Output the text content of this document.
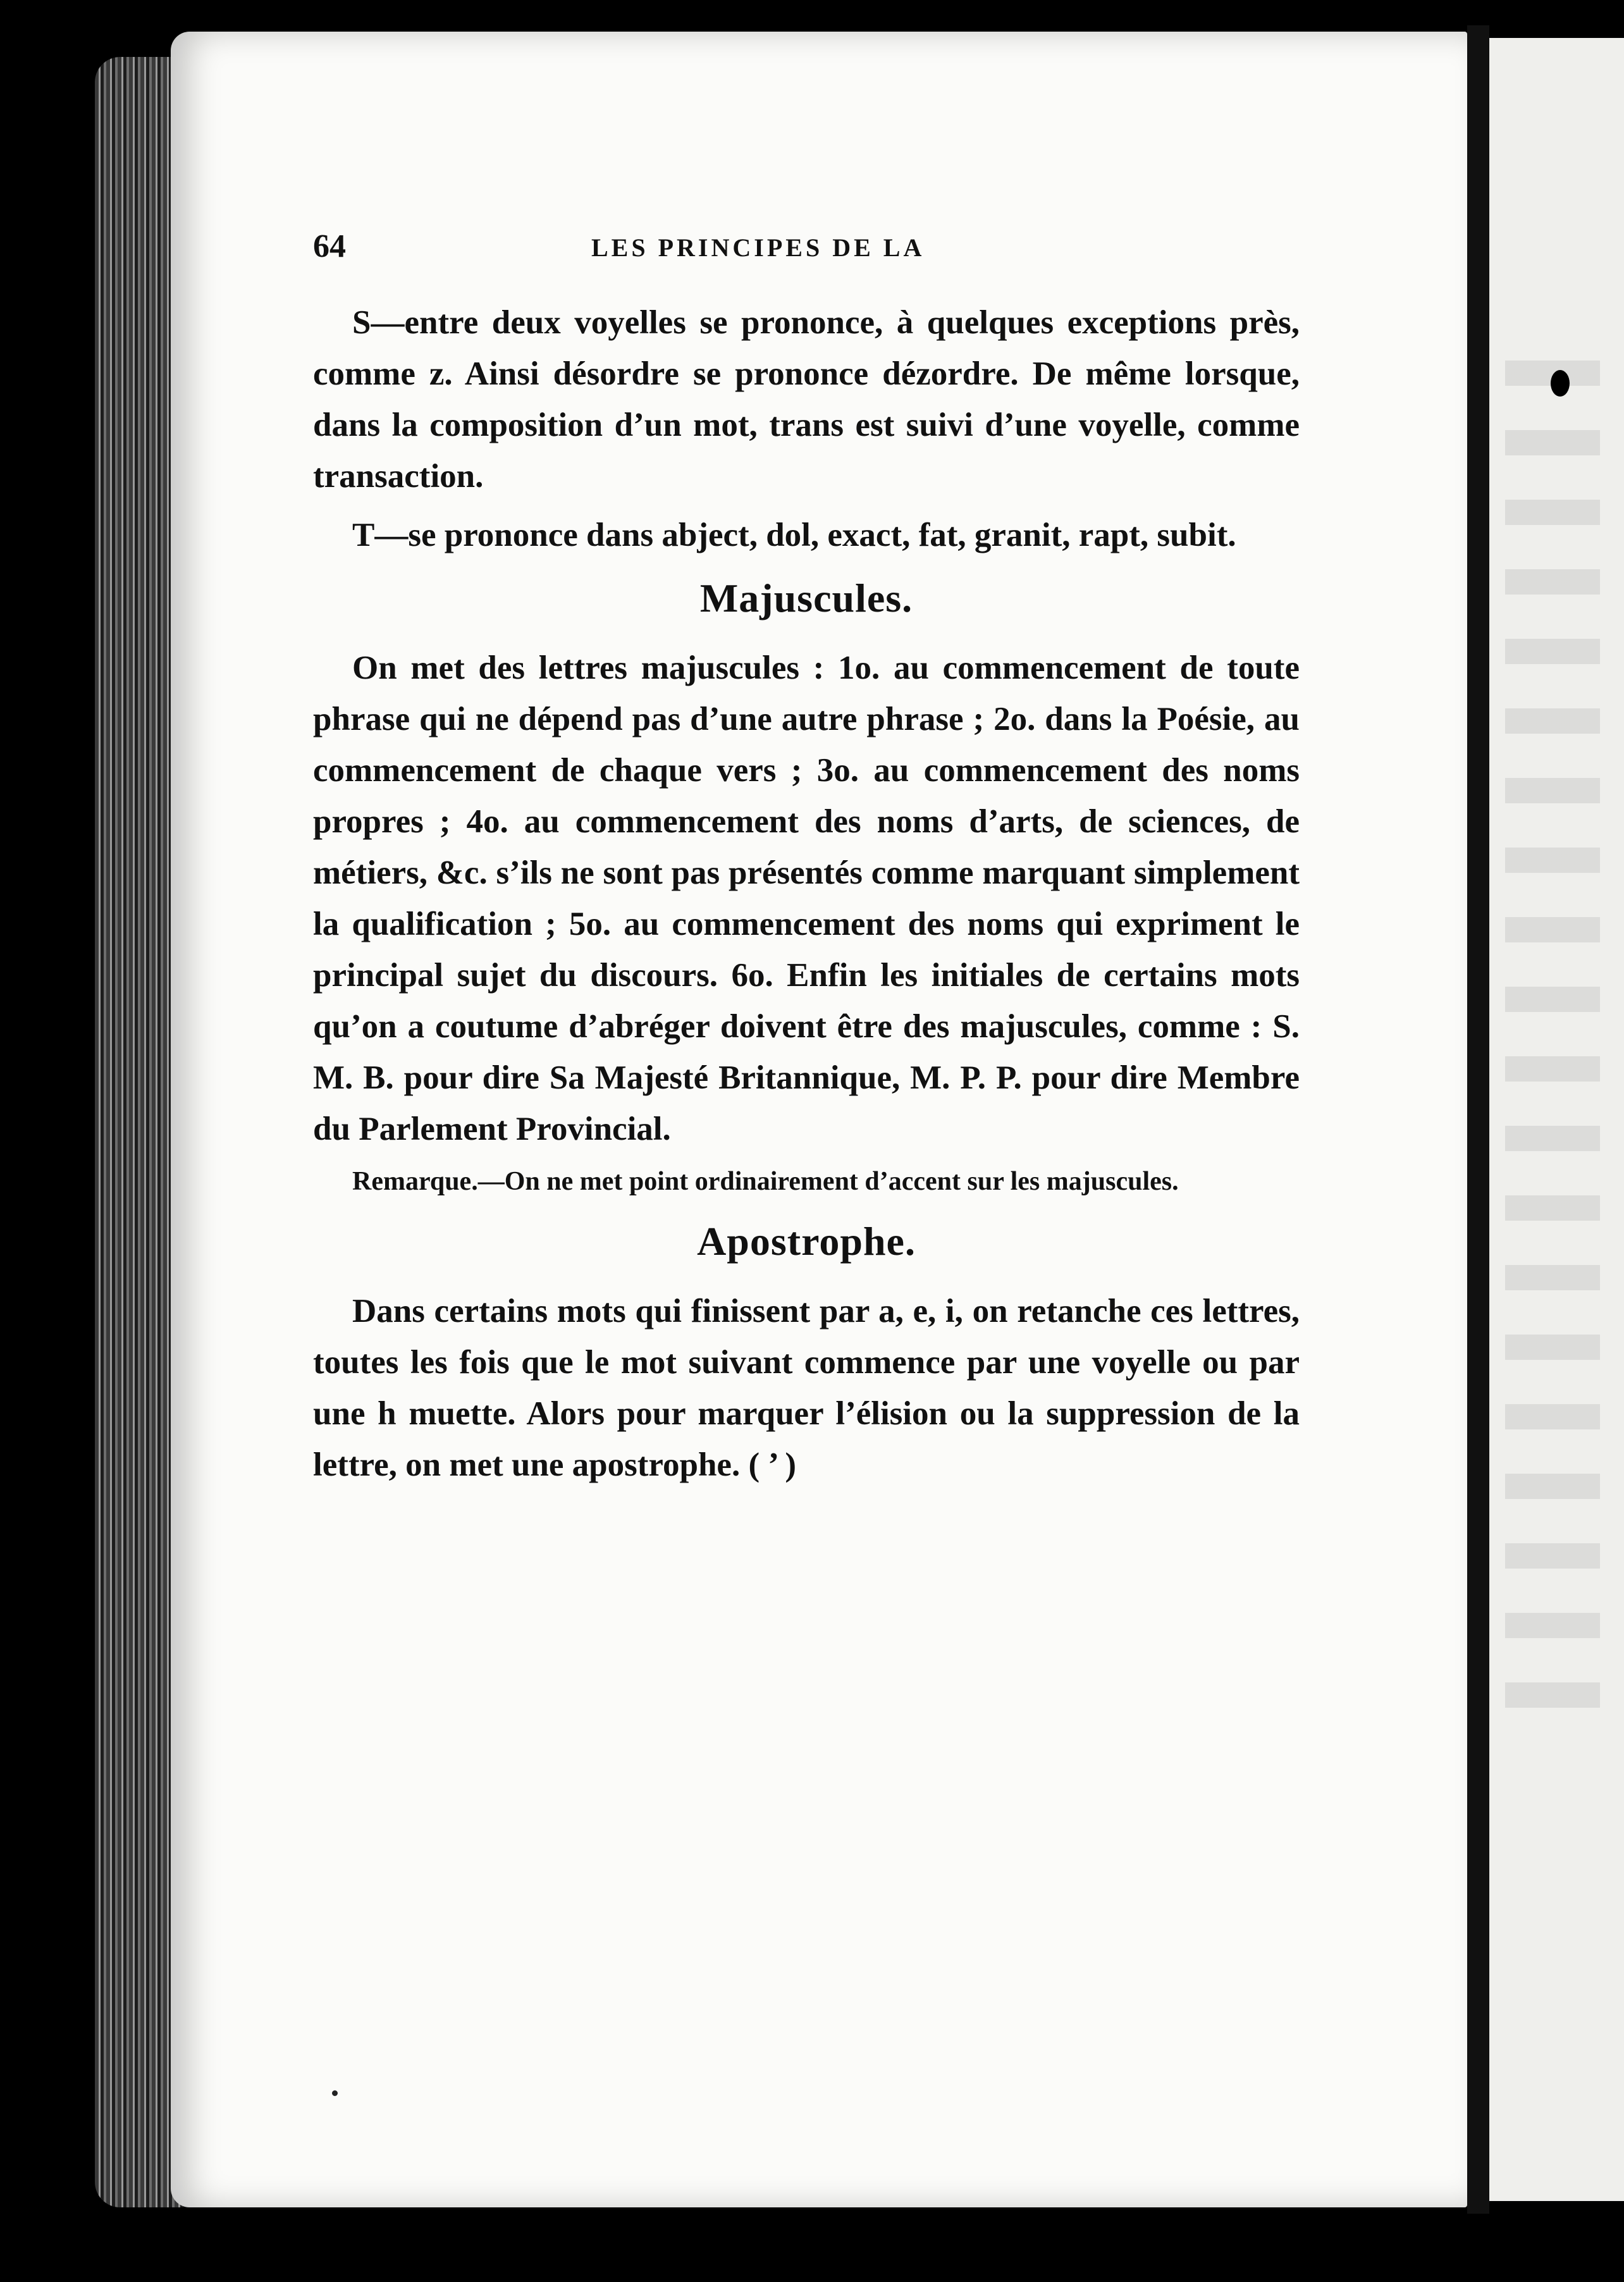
64	LES PRINCIPES DE LA

S—entre deux voyelles se prononce, à quelques exceptions près, comme z. Ainsi désordre se prononce dézordre. De même lorsque, dans la composition d’un mot, trans est suivi d’une voyelle, comme transaction.

T—se prononce dans abject, dol, exact, fat, granit, rapt, subit.

Majuscules.

On met des lettres majuscules : 1o. au commencement de toute phrase qui ne dépend pas d’une autre phrase ; 2o. dans la Poésie, au commencement de chaque vers ; 3o. au commencement des noms propres ; 4o. au commencement des noms d’arts, de sciences, de métiers, &c. s’ils ne sont pas présentés comme marquant simplement la qualification ; 5o. au commencement des noms qui expriment le principal sujet du discours. 6o. Enfin les initiales de certains mots qu’on a coutume d’abréger doivent être des majuscules, comme : S. M. B. pour dire Sa Majesté Britannique, M. P. P. pour dire Membre du Parlement Provincial.

Remarque.—On ne met point ordinairement d’accent sur les majuscules.

Apostrophe.

Dans certains mots qui finissent par a, e, i, on retanche ces lettres, toutes les fois que le mot suivant commence par une voyelle ou par une h muette. Alors pour marquer l’élision ou la suppression de la lettre, on met une apostrophe. ( ’ )
